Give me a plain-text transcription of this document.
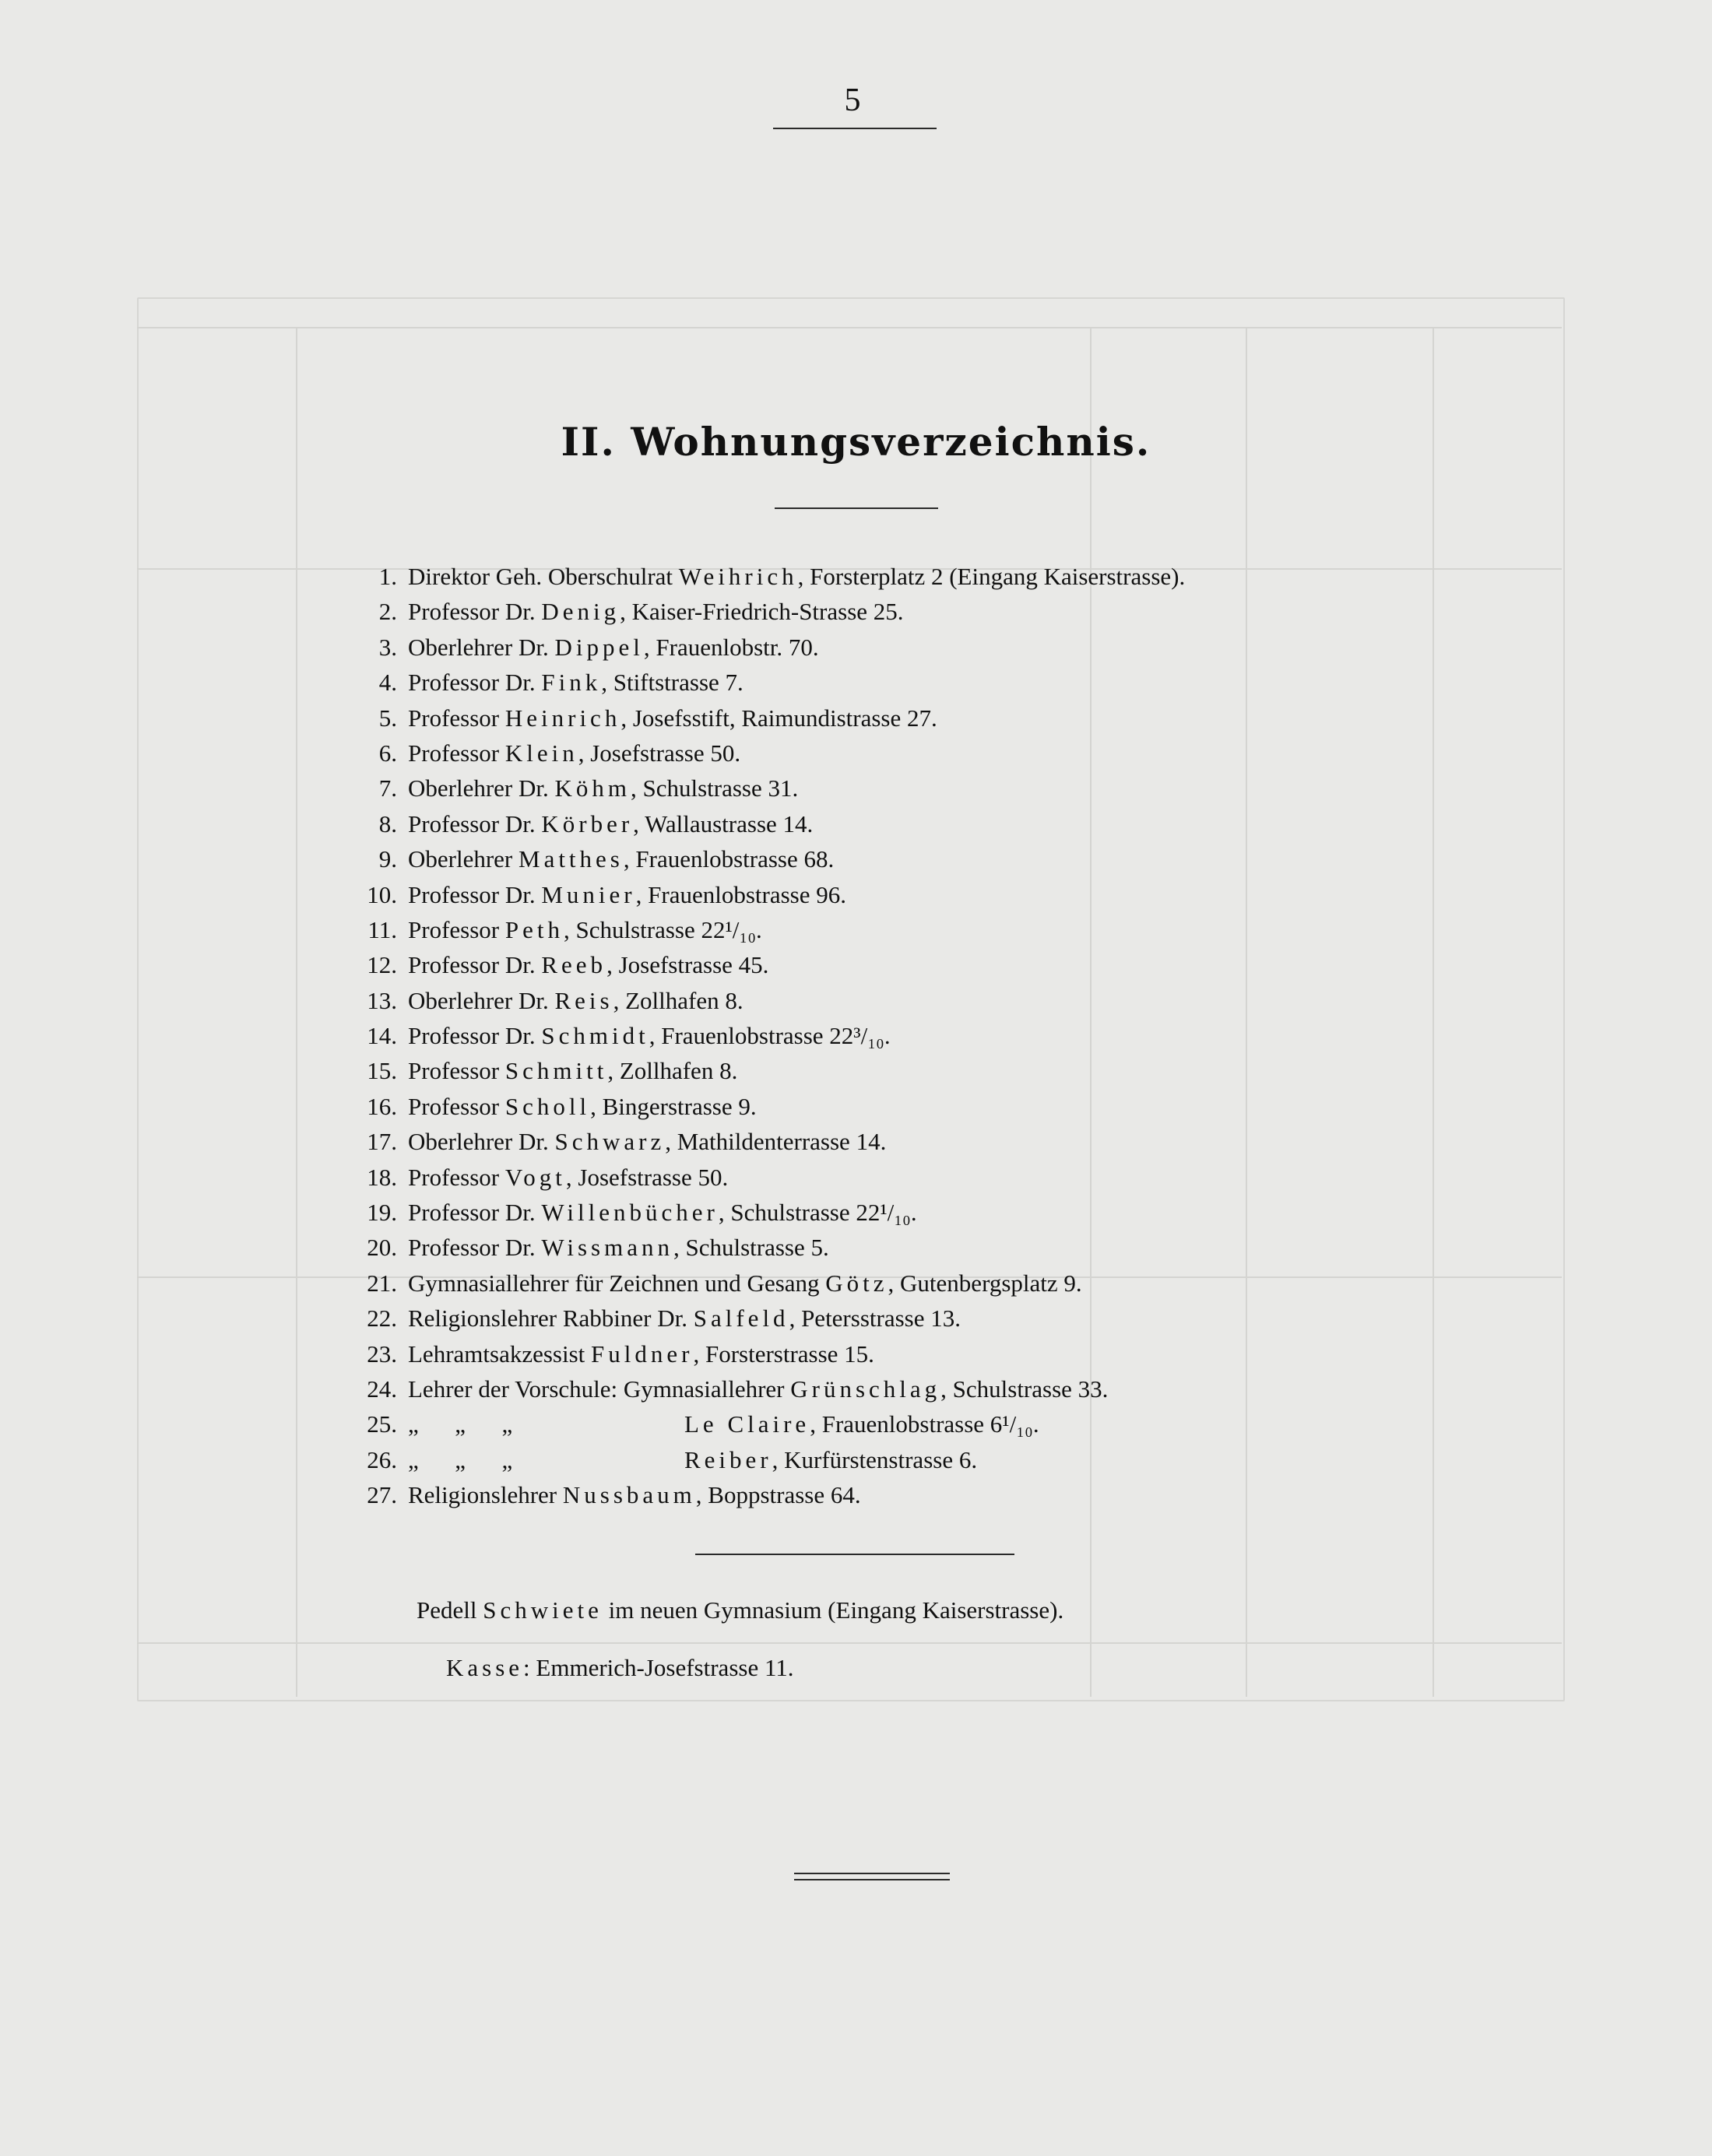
5
II. Wohnungsverzeichnis.
1. Direktor Geh. Oberschulrat Weihrich, Forsterplatz 2 (Eingang Kaiserstrasse).
2. Professor Dr. Denig, Kaiser-Friedrich-Strasse 25.
3. Oberlehrer Dr. Dippel, Frauenlobstr. 70.
4. Professor Dr. Fink, Stiftstrasse 7.
5. Professor Heinrich, Josefsstift, Raimundistrasse 27.
6. Professor Klein, Josefstrasse 50.
7. Oberlehrer Dr. Köhm, Schulstrasse 31.
8. Professor Dr. Körber, Wallaustrasse 14.
9. Oberlehrer Matthes, Frauenlobstrasse 68.
10. Professor Dr. Munier, Frauenlobstrasse 96.
11. Professor Peth, Schulstrasse 22¹/₁₀.
12. Professor Dr. Reeb, Josefstrasse 45.
13. Oberlehrer Dr. Reis, Zollhafen 8.
14. Professor Dr. Schmidt, Frauenlobstrasse 22³/₁₀.
15. Professor Schmitt, Zollhafen 8.
16. Professor Scholl, Bingerstrasse 9.
17. Oberlehrer Dr. Schwarz, Mathildenterrasse 14.
18. Professor Vogt, Josefstrasse 50.
19. Professor Dr. Willenbücher, Schulstrasse 22¹/₁₀.
20. Professor Dr. Wissmann, Schulstrasse 5.
21. Gymnasiallehrer für Zeichnen und Gesang Götz, Gutenbergsplatz 9.
22. Religionslehrer Rabbiner Dr. Salfeld, Petersstrasse 13.
23. Lehramtsakzessist Fuldner, Forsterstrasse 15.
24. Lehrer der Vorschule: Gymnasiallehrer Grünschlag, Schulstrasse 33.
25. „      „      „	Le Claire, Frauenlobstrasse 6¹/₁₀.
26. „      „      „	Reiber, Kurfürstenstrasse 6.
27. Religionslehrer Nussbaum, Boppstrasse 64.
Pedell Schwiete im neuen Gymnasium (Eingang Kaiserstrasse).
Kasse: Emmerich-Josefstrasse 11.
